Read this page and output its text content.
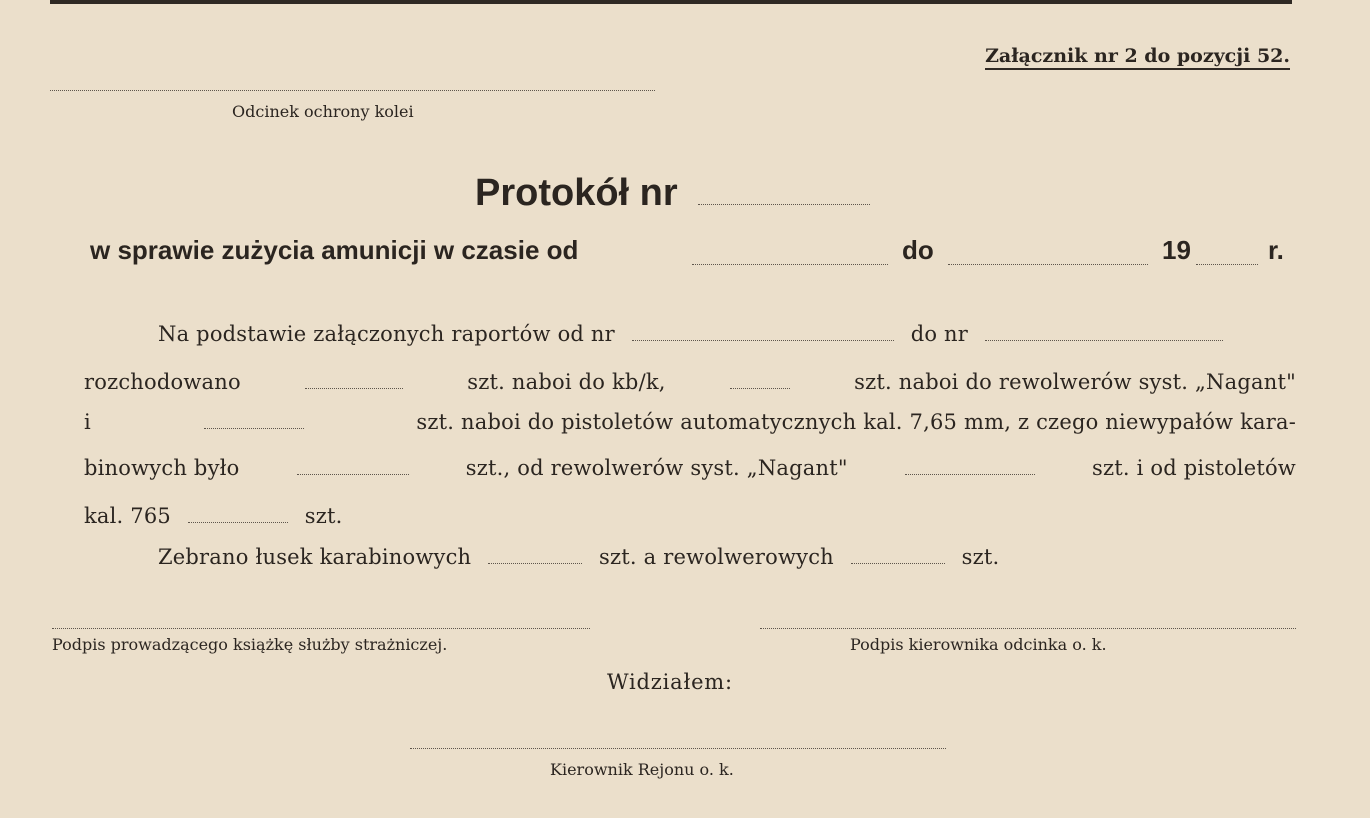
Załącznik nr 2 do pozycji 52.
Odcinek ochrony kolei
Protokół nr
w sprawie zużycia amunicji w czasie od	do	19	r.
Na podstawie załączonych raportów od nr	do nr
rozchodowano	szt. naboi do kb/k,	szt. naboi do rewolwerów syst. „Nagant"
i	szt. naboi do pistoletów automatycznych kal. 7,65 mm, z czego niewypałów kara-
binowych było	szt., od rewolwerów syst. „Nagant"	szt. i od pistoletów
kal. 765	szt.
Zebrano łusek karabinowych	szt. a rewolwerowych	szt.
Podpis prowadzącego książkę służby strażniczej.	Podpis kierownika odcinka o. k.
Widziałem:
Kierownik Rejonu o. k.
